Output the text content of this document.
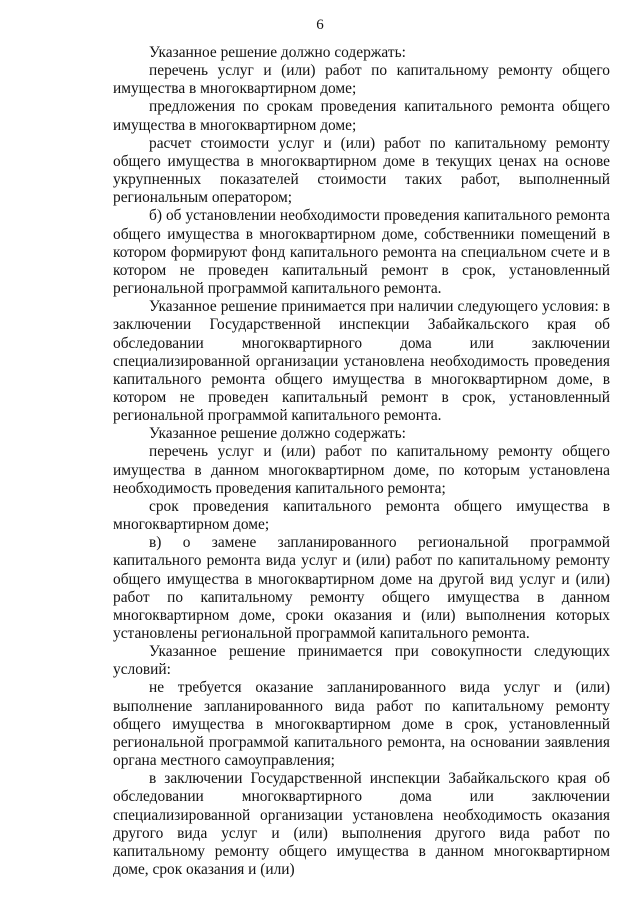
6

Указанное решение должно содержать:

перечень услуг и (или) работ по капитальному ремонту общего имущества в многоквартирном доме;

предложения по срокам проведения капитального ремонта общего имущества в многоквартирном доме;

расчет стоимости услуг и (или) работ по капитальному ремонту общего имущества в многоквартирном доме в текущих ценах на основе укрупненных показателей стоимости таких работ, выполненный региональным оператором;

б) об установлении необходимости проведения капитального ремонта общего имущества в многоквартирном доме, собственники помещений в котором формируют фонд капитального ремонта на специальном счете и в котором не проведен капитальный ремонт в срок, установленный региональной программой капитального ремонта.

Указанное решение принимается при наличии следующего условия: в заключении Государственной инспекции Забайкальского края об обследовании многоквартирного дома или заключении специализированной организации установлена необходимость проведения капитального ремонта общего имущества в многоквартирном доме, в котором не проведен капитальный ремонт в срок, установленный региональной программой капитального ремонта.

Указанное решение должно содержать:

перечень услуг и (или) работ по капитальному ремонту общего имущества в данном многоквартирном доме, по которым установлена необходимость проведения капитального ремонта;

срок проведения капитального ремонта общего имущества в многоквартирном доме;

в) о замене запланированного региональной программой капитального ремонта вида услуг и (или) работ по капитальному ремонту общего имущества в многоквартирном доме на другой вид услуг и (или) работ по капитальному ремонту общего имущества в данном многоквартирном доме, сроки оказания и (или) выполнения которых установлены региональной программой капитального ремонта.

Указанное решение принимается при совокупности следующих условий:

не требуется оказание запланированного вида услуг и (или) выполнение запланированного вида работ по капитальному ремонту общего имущества в многоквартирном доме в срок, установленный региональной программой капитального ремонта, на основании заявления органа местного самоуправления;

в заключении Государственной инспекции Забайкальского края об обследовании многоквартирного дома или заключении специализированной организации установлена необходимость оказания другого вида услуг и (или) выполнения другого вида работ по капитальному ремонту общего имущества в данном многоквартирном доме, срок оказания и (или)
